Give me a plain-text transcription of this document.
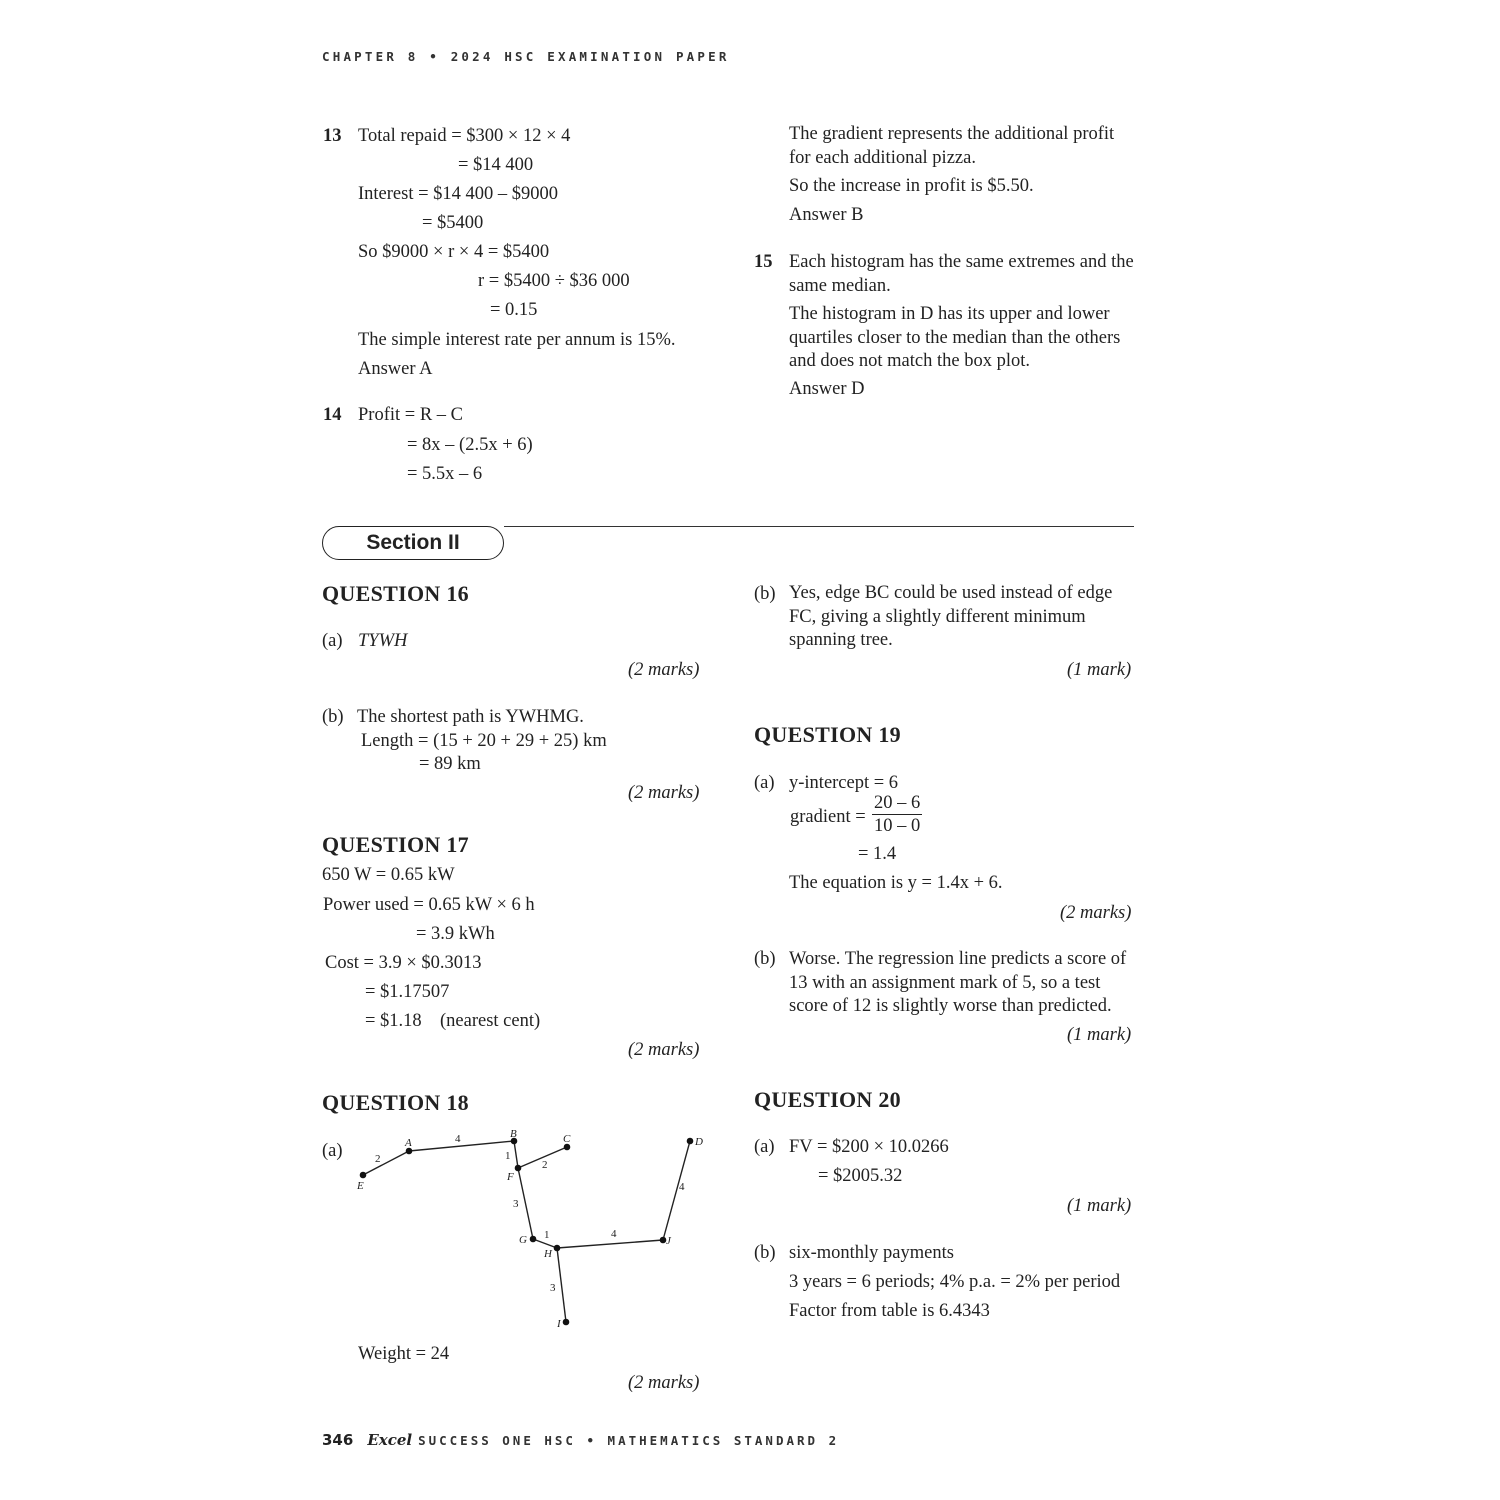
CHAPTER 8 • 2024 HSC EXAMINATION PAPER
13 Total repaid = $300 × 12 × 4
= $14 400
Interest = $14 400 – $9000
= $5400
So $9000 × r × 4 = $5400
r = $5400 ÷ $36 000
= 0.15
The simple interest rate per annum is 15%.
Answer A
14 Profit = R – C
= 8x – (2.5x + 6)
= 5.5x – 6
The gradient represents the additional profit for each additional pizza.
So the increase in profit is $5.50.
Answer B
15 Each histogram has the same extremes and the same median.
The histogram in D has its upper and lower quartiles closer to the median than the others and does not match the box plot.
Answer D
Section II
QUESTION 16
(a) TYWH
(2 marks)
(b) The shortest path is YWHMG.
Length = (15 + 20 + 29 + 25) km
= 89 km
(2 marks)
QUESTION 17
650 W = 0.65 kW
Power used = 0.65 kW × 6 h
= 3.9 kWh
Cost = 3.9 × $0.3013
= $1.17507
= $1.18 (nearest cent)
(2 marks)
QUESTION 18
(a)	A
B	C	D
E
F
G
H
I
J
2
4
1
2
3
1	4
4
3
Weight = 24
(2 marks)
(b) Yes, edge BC could be used instead of edge FC, giving a slightly different minimum spanning tree.
(1 mark)
QUESTION 19
(a) y-intercept = 6
gradient = $\frac{20 - 6}{10 - 0}$
= 1.4
The equation is y = 1.4x + 6.
(2 marks)
(b) Worse. The regression line predicts a score of 13 with an assignment mark of 5, so a test score of 12 is slightly worse than predicted.
(1 mark)
QUESTION 20
(a) FV = $200 × 10.0266
= $2005.32
(1 mark)
(b) six-monthly payments
3 years = 6 periods; 4% p.a. = 2% per period
Factor from table is 6.4343
346 Excel SUCCESS ONE HSC • MATHEMATICS STANDARD 2
